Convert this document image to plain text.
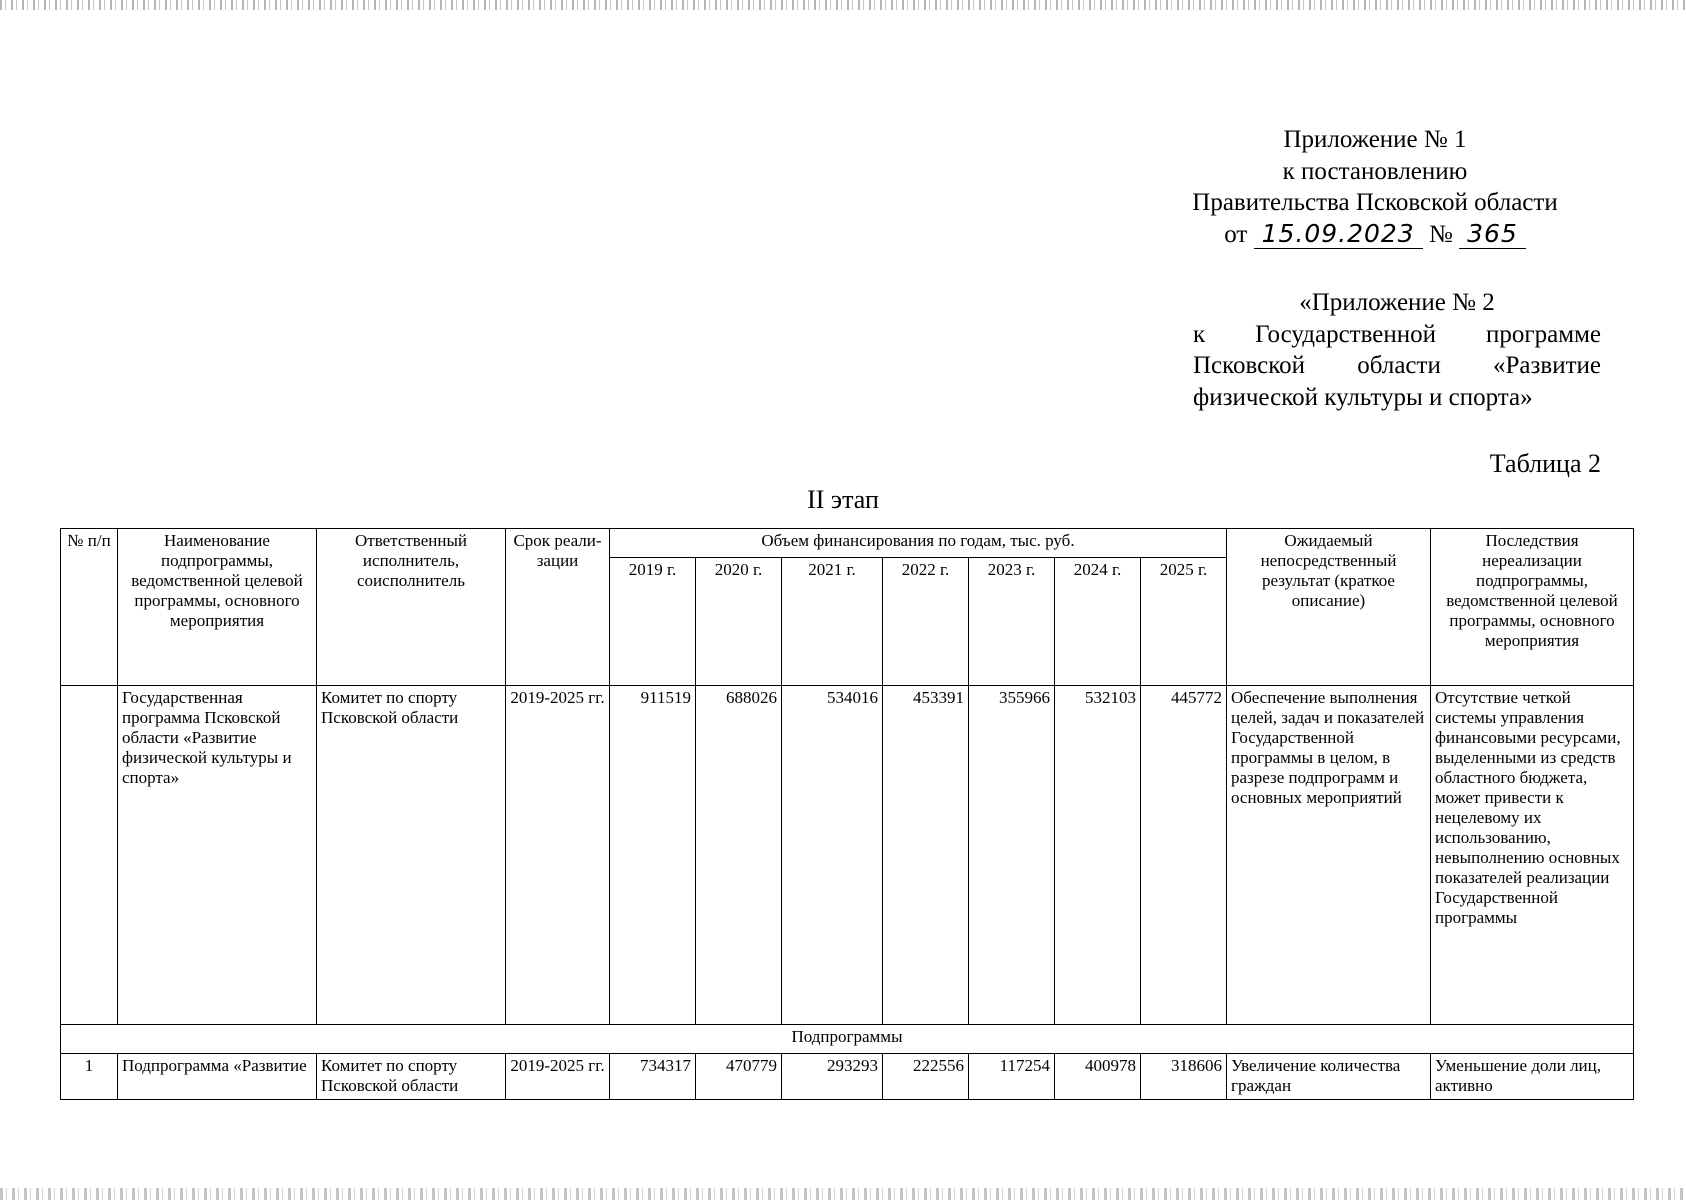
Приложение № 1
к постановлению
Правительства Псковской области
от 15.09.2023 № 365
«Приложение № 2
к Государственной программе
Псковской области «Развитие
физической культуры и спорта»
Таблица 2
II этап
№ п/п	Наименование подпрограммы, ведомственной целевой программы, основного мероприятия	Ответственный исполнитель, соисполнитель	Срок реали-зации	Объем финансирования по годам, тыс. руб.							Ожидаемый непосредственный результат (краткое описание)	Последствия нереализации подпрограммы, ведомственной целевой программы, основного мероприятия
				2019 г.	2020 г.	2021 г.	2022 г.	2023 г.	2024 г.	2025 г.		
	Государственная программа Псковской области «Развитие физической культуры и спорта»	Комитет по спорту Псковской области	2019-2025 гг.	911519	688026	534016	453391	355966	532103	445772	Обеспечение выполнения целей, задач и показателей Государственной программы в целом, в разрезе подпрограмм и основных мероприятий	Отсутствие четкой системы управления финансовыми ресурсами, выделенными из средств областного бюджета, может привести к нецелевому их использованию, невыполнению основных показателей реализации Государственной программы
Подпрограммы												
1	Подпрограмма «Развитие	Комитет по спорту Псковской области	2019-2025 гг.	734317	470779	293293	222556	117254	400978	318606	Увеличение количества граждан	Уменьшение доли лиц, активно
